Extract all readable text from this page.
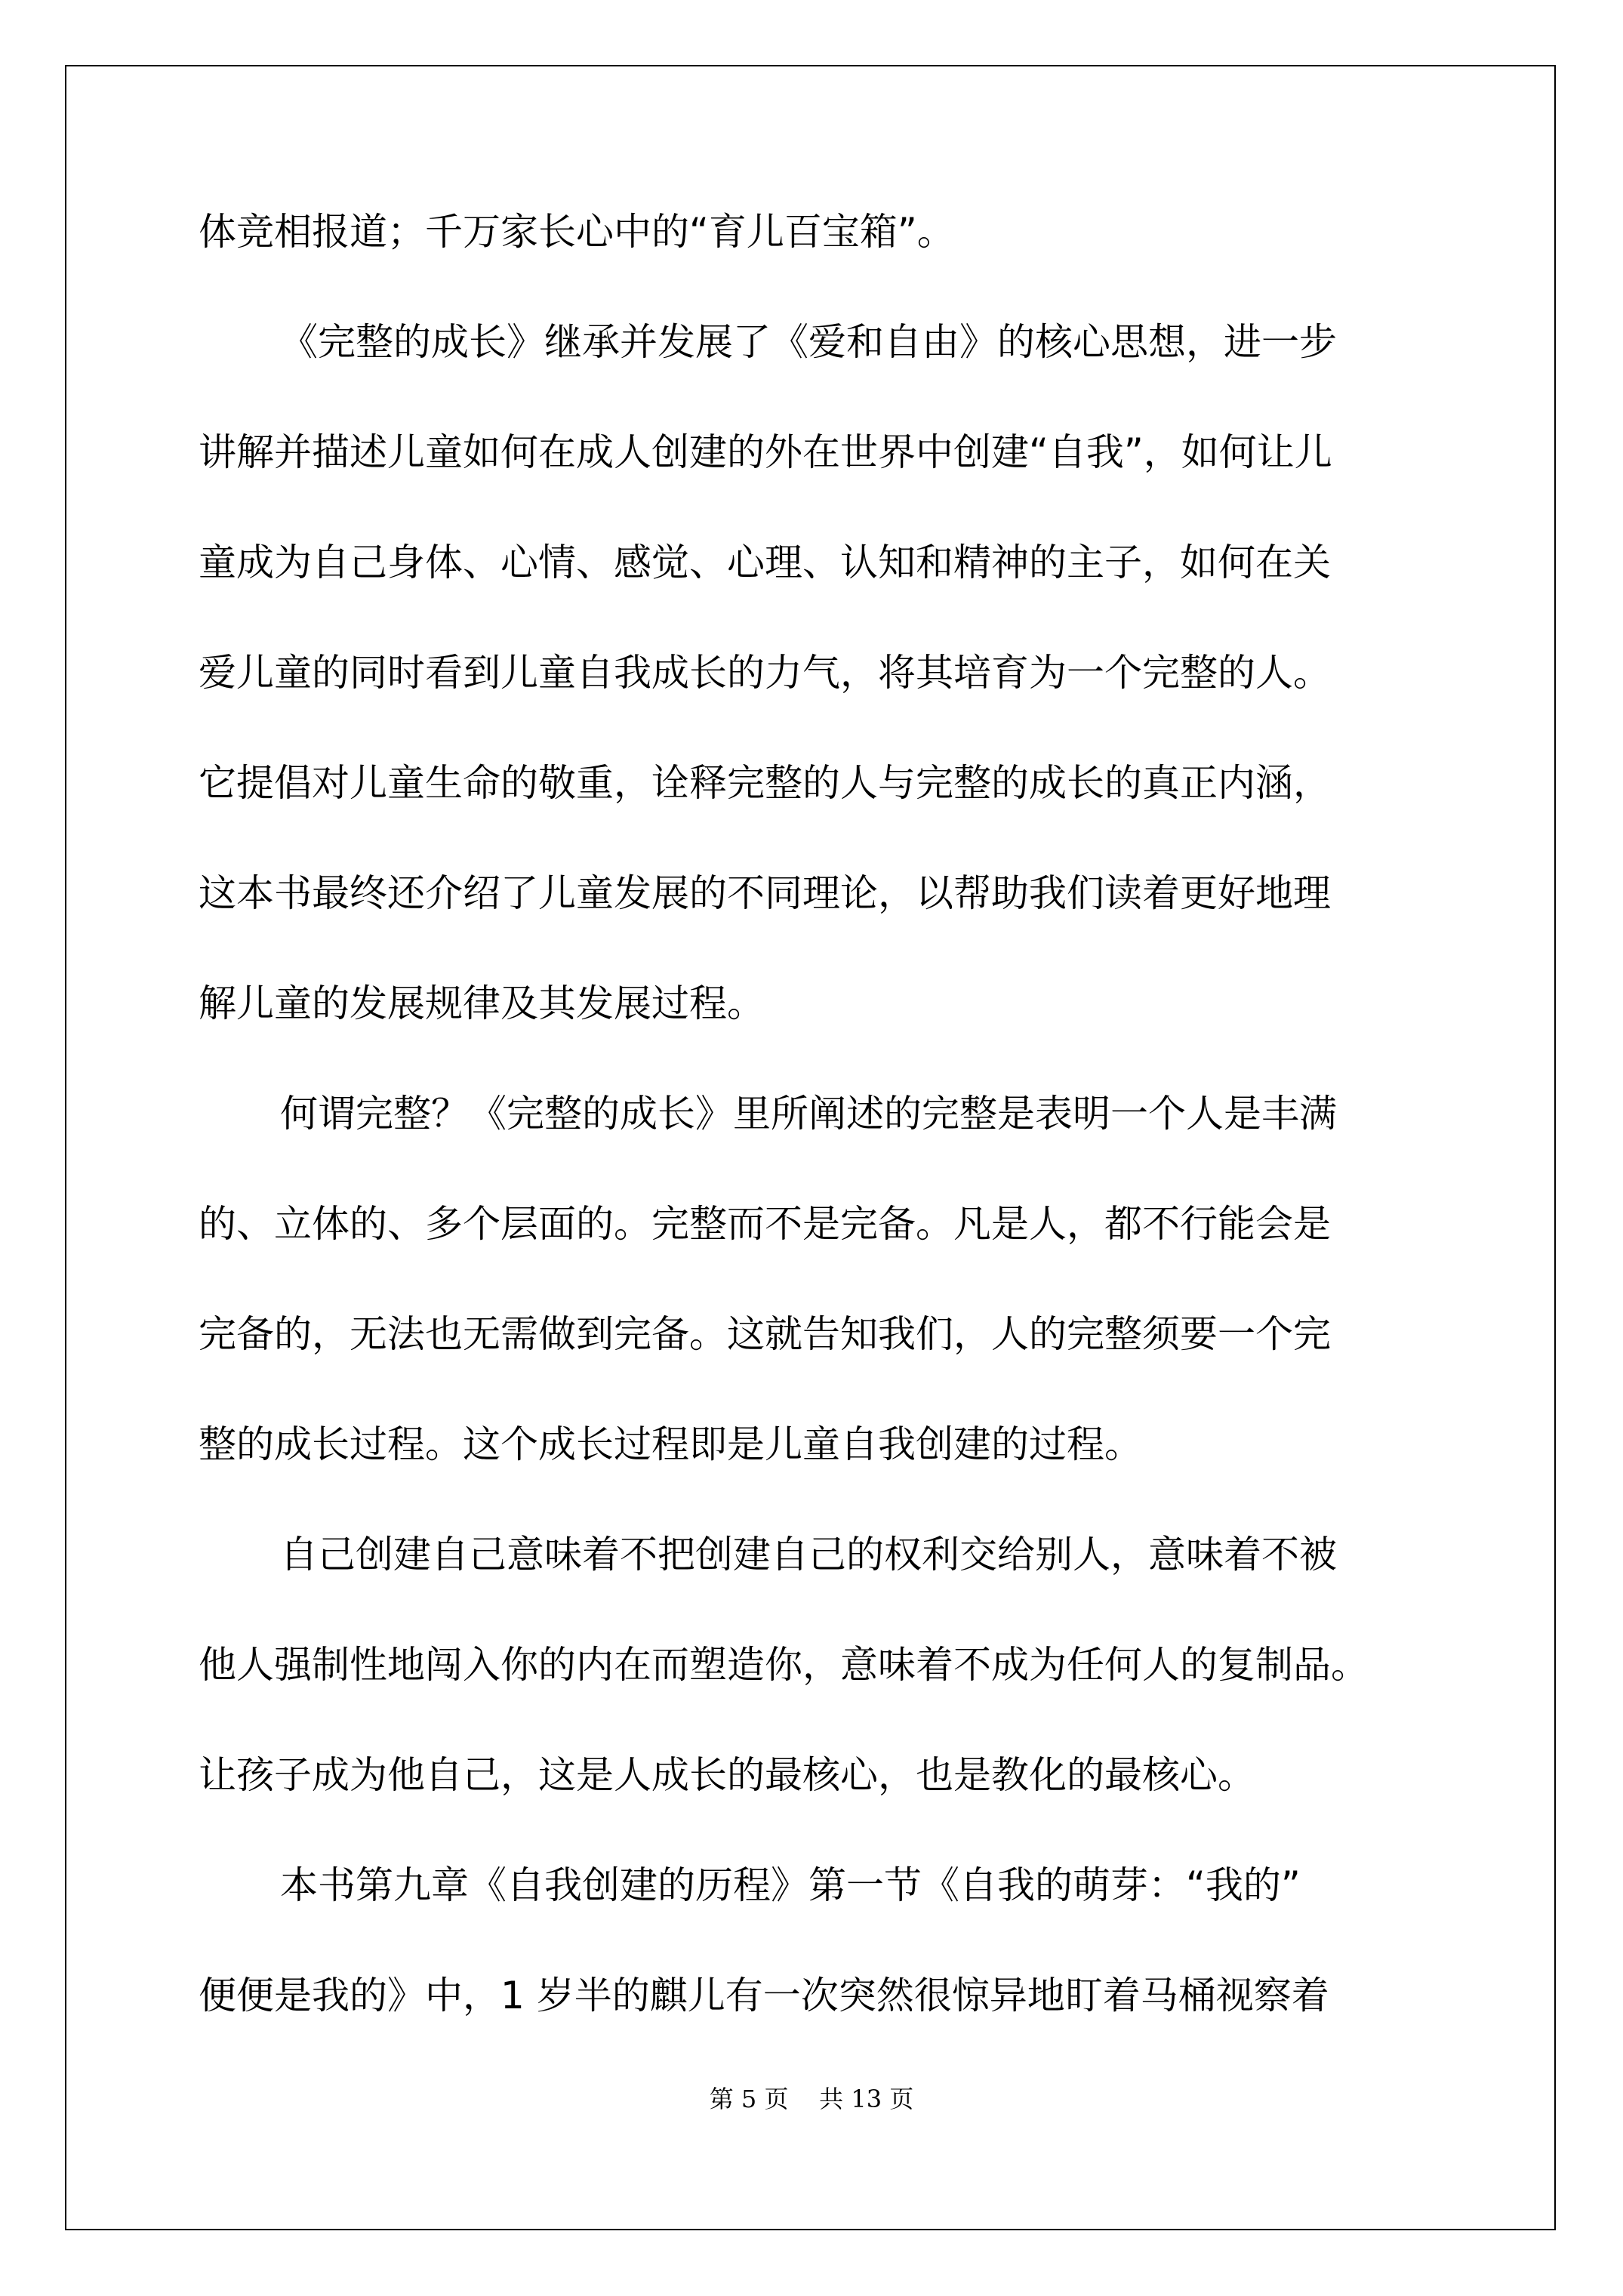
体竞相报道；千万家长心中的“育儿百宝箱”。
《完整的成长》继承并发展了《爱和自由》的核心思想，进一步
讲解并描述儿童如何在成人创建的外在世界中创建“自我”，如何让儿
童成为自己身体、心情、感觉、心理、认知和精神的主子，如何在关
爱儿童的同时看到儿童自我成长的力气，将其培育为一个完整的人。
它提倡对儿童生命的敬重，诠释完整的人与完整的成长的真正内涵，
这本书最终还介绍了儿童发展的不同理论，以帮助我们读着更好地理
解儿童的发展规律及其发展过程。
何谓完整？《完整的成长》里所阐述的完整是表明一个人是丰满
的、立体的、多个层面的。完整而不是完备。凡是人，都不行能会是
完备的，无法也无需做到完备。这就告知我们，人的完整须要一个完
整的成长过程。这个成长过程即是儿童自我创建的过程。
自己创建自己意味着不把创建自己的权利交给别人，意味着不被
他人强制性地闯入你的内在而塑造你，意味着不成为任何人的复制品。
让孩子成为他自己，这是人成长的最核心，也是教化的最核心。
本书第九章《自我创建的历程》第一节《自我的萌芽：“我的”
便便是我的》中，1 岁半的麒儿有一次突然很惊异地盯着马桶视察着
第 5 页 共 13 页
